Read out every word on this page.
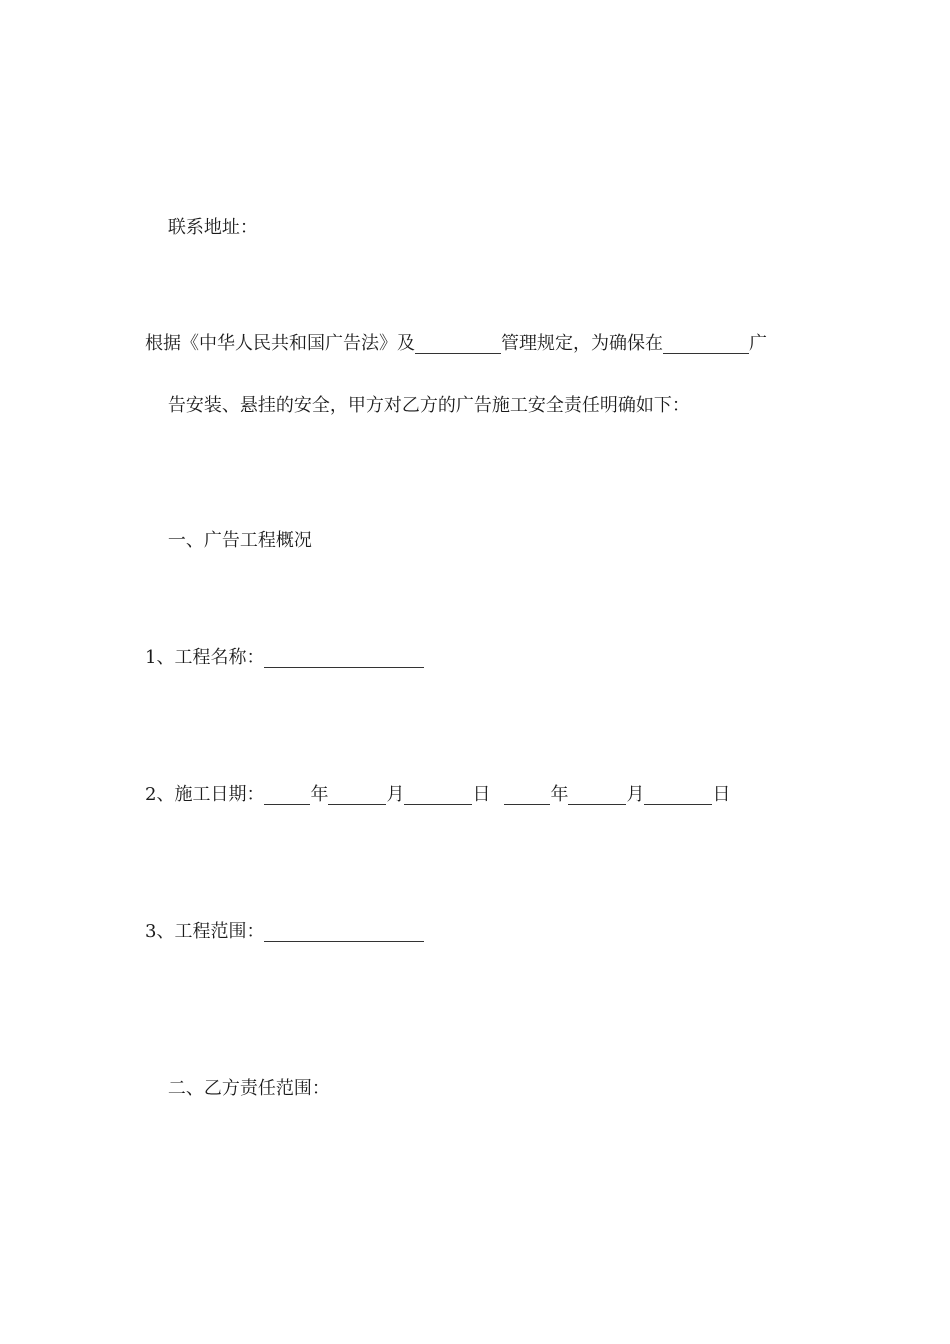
联系地址：

根据《中华人民共和国广告法》及	管理规定，为确保在	广

告安装、悬挂的安全，甲方对乙方的广告施工安全责任明确如下：

一、广告工程概况

1、工程名称：
2、施工日期：	年	月	日	年	月	日
3、工程范围：

二、乙方责任范围：
